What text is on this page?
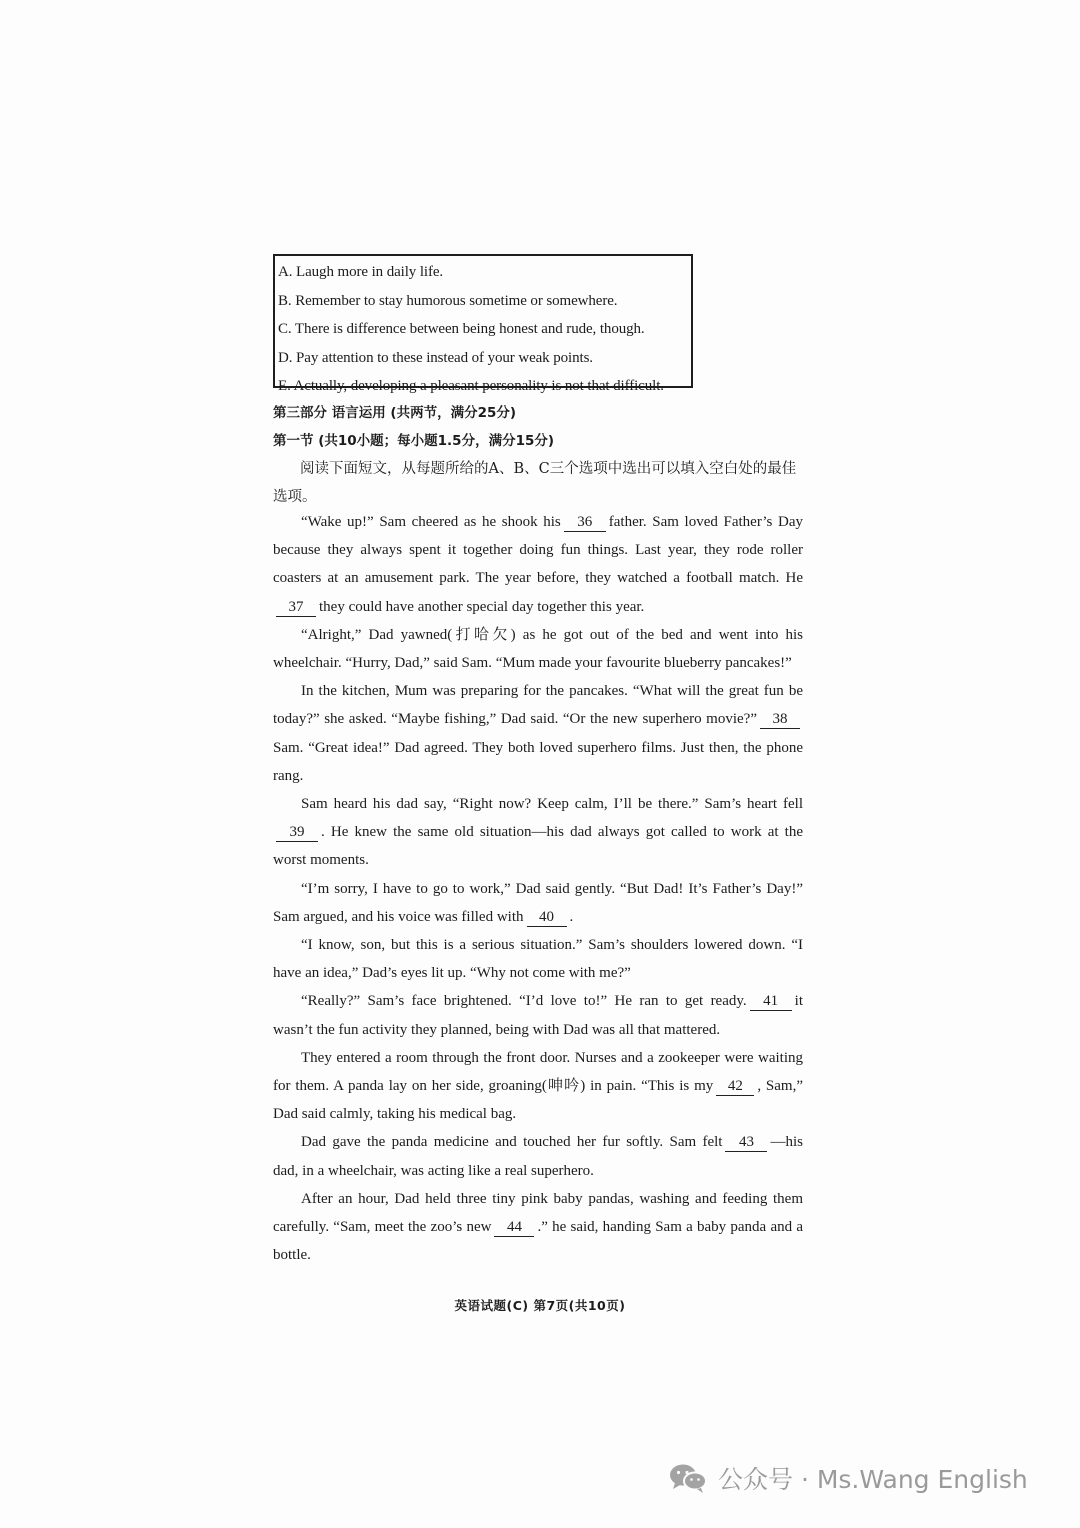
A. Laugh more in daily life.
B. Remember to stay humorous sometime or somewhere.
C. There is difference between being honest and rude, though.
D. Pay attention to these instead of your weak points.
E. Actually, developing a pleasant personality is not that difficult.
第三部分 语言运用 (共两节，满分25分)
第一节 (共10小题；每小题1.5分，满分15分)
阅读下面短文，从每题所给的A、B、C三个选项中选出可以填入空白处的最佳选项。

“Wake up!” Sam cheered as he shook his 36 father. Sam loved Father’s Day because they always spent it together doing fun things. Last year, they rode roller coasters at an amusement park. The year before, they watched a football match. He37 they could have another special day together this year.

“Alright,” Dad yawned(打哈欠) as he got out of the bed and went into his wheelchair. “Hurry, Dad,” said Sam. “Mum made your favourite blueberry pancakes!”

In the kitchen, Mum was preparing for the pancakes. “What will the great fun be today?” she asked. “Maybe fishing,” Dad said. “Or the new superhero movie?” 38Sam. “Great idea!” Dad agreed. They both loved superhero films. Just then, the phone rang.

Sam heard his dad say, “Right now? Keep calm, I’ll be there.” Sam’s heart fell39 . He knew the same old situation—his dad always got called to work at the worst moments.

“I’m sorry, I have to go to work,” Dad said gently. “But Dad! It’s Father’s Day!” Sam argued, and his voice was filled with 40 .

“I know, son, but this is a serious situation.” Sam’s shoulders lowered down. “I have an idea,” Dad’s eyes lit up. “Why not come with me?”

“Really?” Sam’s face brightened. “I’d love to!” He ran to get ready. 41 it wasn’t the fun activity they planned, being with Dad was all that mattered.

They entered a room through the front door. Nurses and a zookeeper were waiting for them. A panda lay on her side, groaning(呻吟) in pain. “This is my 42 , Sam,” Dad said calmly, taking his medical bag.

Dad gave the panda medicine and touched her fur softly. Sam felt 43 —his dad, in a wheelchair, was acting like a real superhero.

After an hour, Dad held three tiny pink baby pandas, washing and feeding them carefully. “Sam, meet the zoo’s new 44 .” he said, handing Sam a baby panda and a bottle.

英语试题(C) 第7页(共10页)
公众号 · Ms.Wang English
